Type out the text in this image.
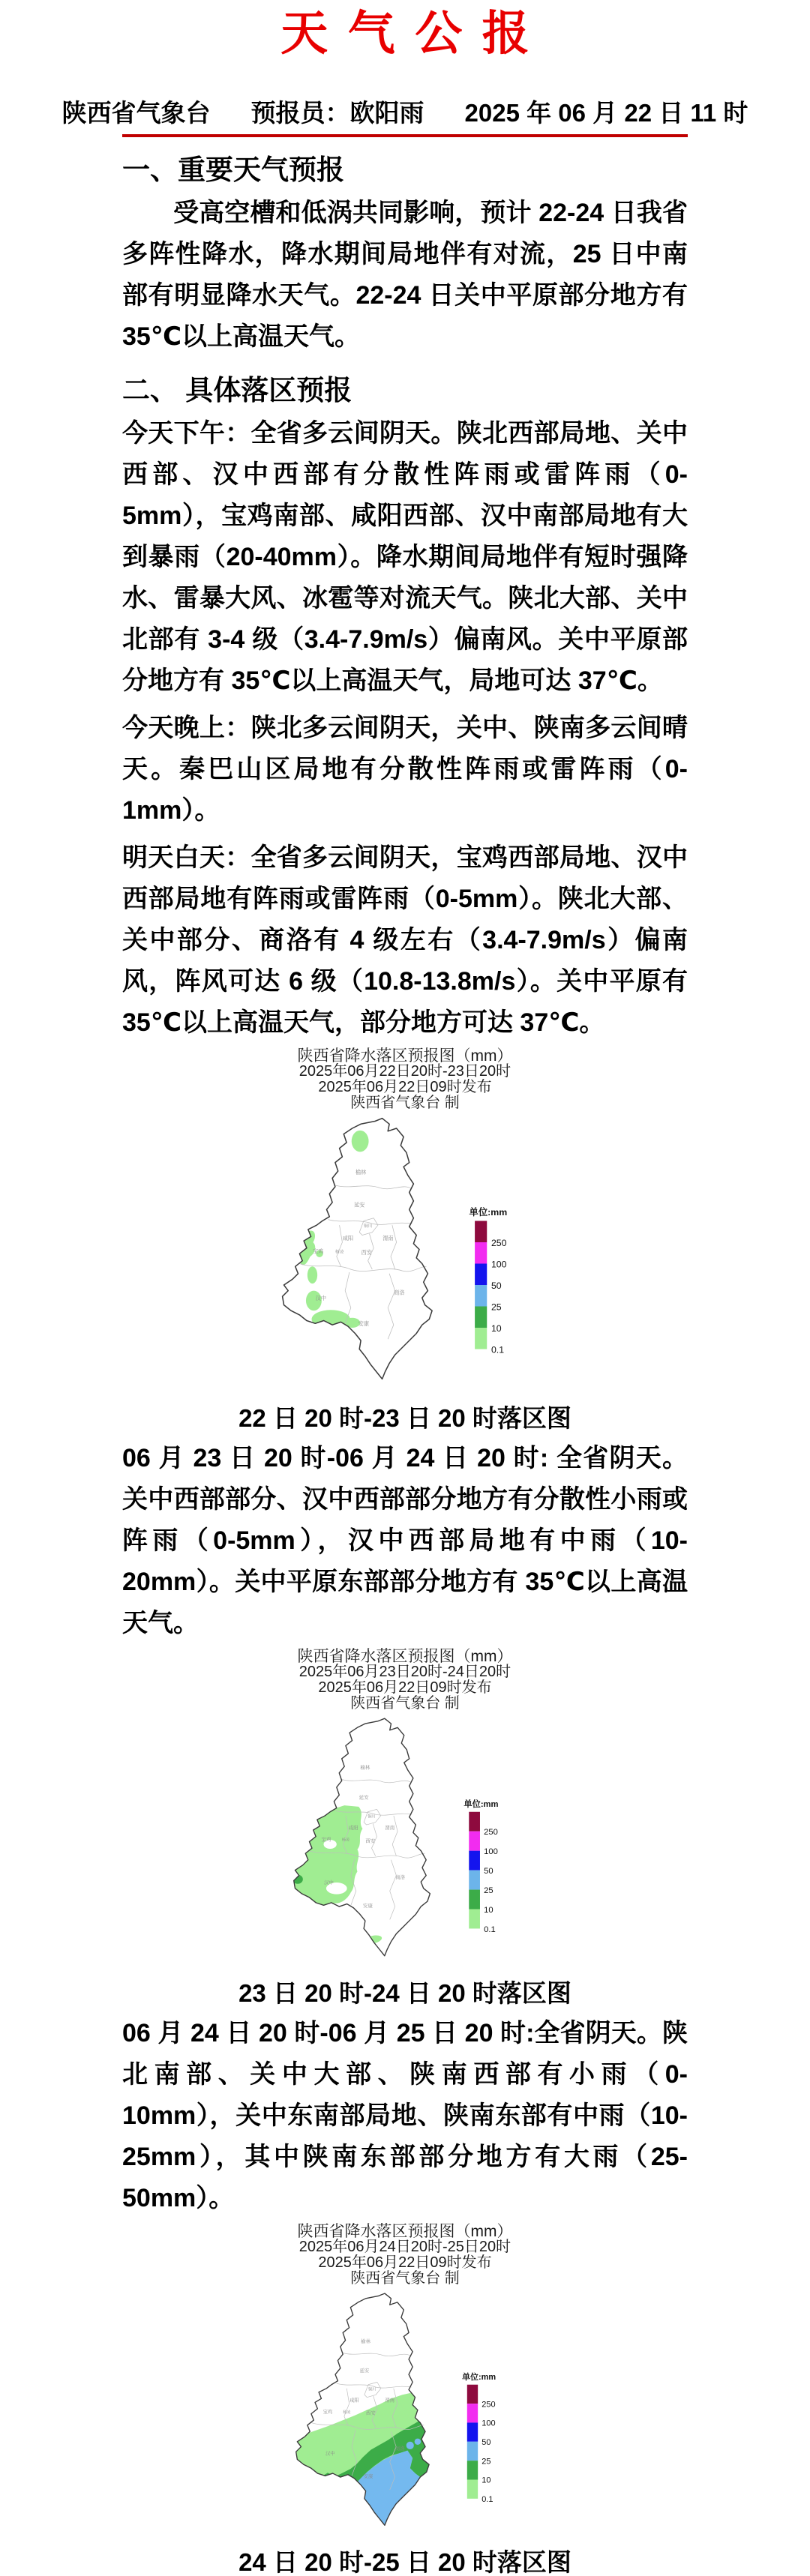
天气公报
陕西省气象台 预报员：欧阳雨 2025 年 06 月 22 日 11 时
一、重要天气预报

受高空槽和低涡共同影响，预计 22-24 日我省多阵性降水，降水期间局地伴有对流，25 日中南部有明显降水天气。22-24 日关中平原部分地方有 35℃以上高温天气。

二、 具体落区预报

今天下午：全省多云间阴天。陕北西部局地、关中西部、汉中西部有分散性阵雨或雷阵雨（0-5mm），宝鸡南部、咸阳西部、汉中南部局地有大到暴雨（20-40mm）。降水期间局地伴有短时强降水、雷暴大风、冰雹等对流天气。陕北大部、关中北部有 3-4 级（3.4-7.9m/s）偏南风。关中平原部分地方有 35℃以上高温天气，局地可达 37℃。

今天晚上：陕北多云间阴天，关中、陕南多云间晴天。秦巴山区局地有分散性阵雨或雷阵雨（0-1mm）。

明天白天：全省多云间阴天，宝鸡西部局地、汉中西部局地有阵雨或雷阵雨（0-5mm）。陕北大部、关中部分、商洛有 4 级左右（3.4-7.9m/s）偏南风，阵风可达 6 级（10.8-13.8m/s）。关中平原有 35℃以上高温天气，部分地方可达 37℃。

陕西省降水落区预报图（mm）
2025年06月22日20时-23日20时
2025年06月22日09时发布
陕西省气象台 制
榆林
延安
铜川
咸阳	渭南
宝鸡	杨凌	西安
商洛
汉中
安康
单位:mm
250
100
50
25
10
0.1
22 日 20 时-23 日 20 时落区图

06 月 23 日 20 时-06 月 24 日 20 时: 全省阴天。关中西部部分、汉中西部部分地方有分散性小雨或阵雨（0-5mm），汉中西部局地有中雨（10-20mm）。关中平原东部部分地方有 35℃以上高温天气。

陕西省降水落区预报图（mm）
2025年06月23日20时-24日20时
2025年06月22日09时发布
陕西省气象台 制
榆林
延安
铜川
咸阳	渭南
宝鸡 杨凌	西安
商洛
汉中
安康
单位:mm
250
100
50
25
10
0.1
23 日 20 时-24 日 20 时落区图

06 月 24 日 20 时-06 月 25 日 20 时:全省阴天。陕北南部、关中大部、陕南西部有小雨（0-10mm），关中东南部局地、陕南东部有中雨（10-25mm），其中陕南东部部分地方有大雨（25-50mm）。

陕西省降水落区预报图（mm）
2025年06月24日20时-25日20时
2025年06月22日09时发布
陕西省气象台 制
榆林
延安
铜川
咸阳	渭南
宝鸡 杨凌	西安
商洛
汉中
安康
单位:mm
250
100
50
25
10
0.1
24 日 20 时-25 日 20 时落区图
